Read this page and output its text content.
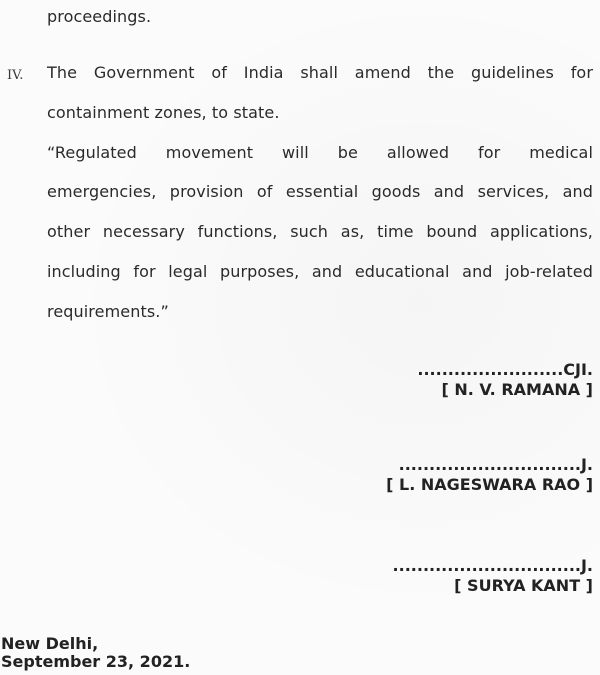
proceedings.
IV. The Government of India shall amend the guidelines for
containment zones, to state.
“Regulated movement will be allowed for medical
emergencies, provision of essential goods and services, and
other necessary functions, such as, time bound applications,
including for legal purposes, and educational and job-related
requirements.”
........................CJI.
[ N. V. RAMANA ]
..............................J.
[ L. NAGESWARA RAO ]
...............................J.
[ SURYA KANT ]
New Delhi,
September 23, 2021.
